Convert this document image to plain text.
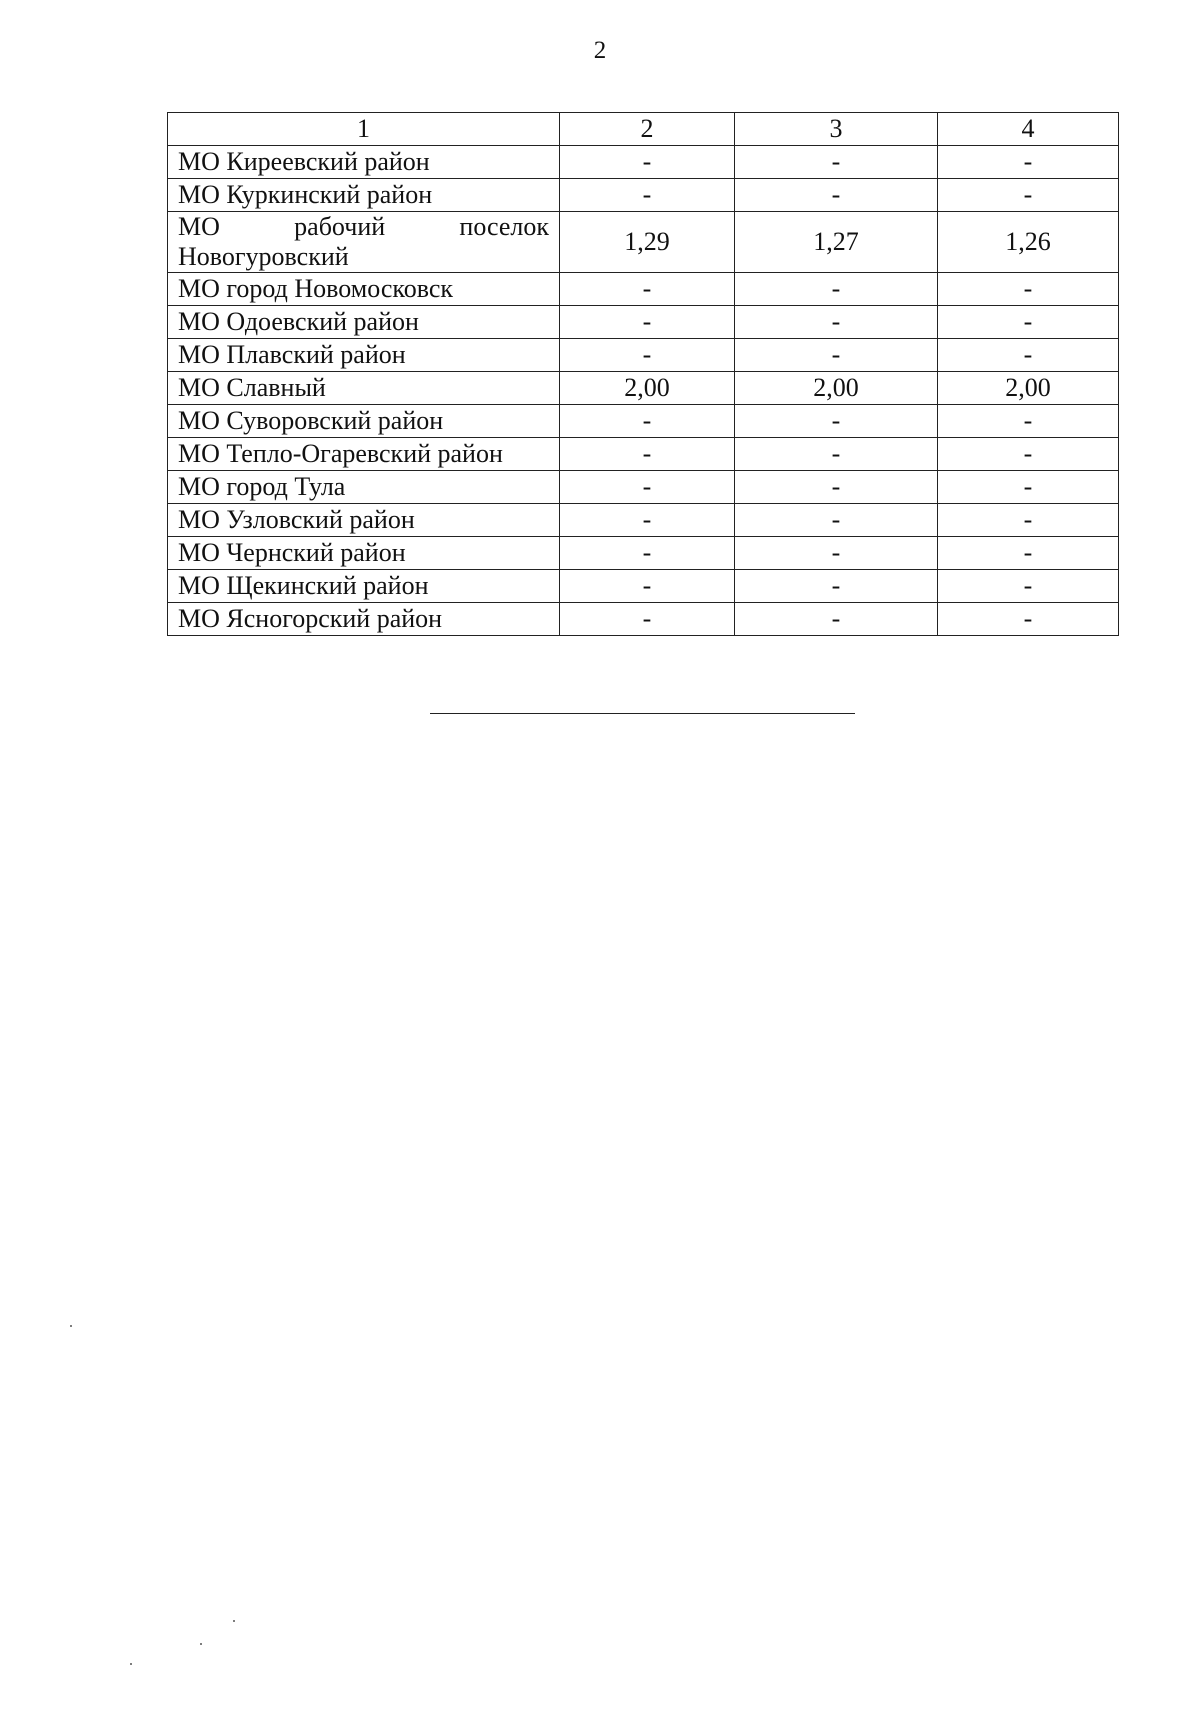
2
1	2	3	4
МО Киреевский район	-	-	-
МО Куркинский район	-	-	-
МО рабочий поселок Новогуровский	1,29	1,27	1,26
МО город Новомосковск	-	-	-
МО Одоевский район	-	-	-
МО Плавский район	-	-	-
МО Славный	2,00	2,00	2,00
МО Суворовский район	-	-	-
МО Тепло-Огаревский район	-	-	-
МО город Тула	-	-	-
МО Узловский район	-	-	-
МО Чернский район	-	-	-
МО Щекинский район	-	-	-
МО Ясногорский район	-	-	-
